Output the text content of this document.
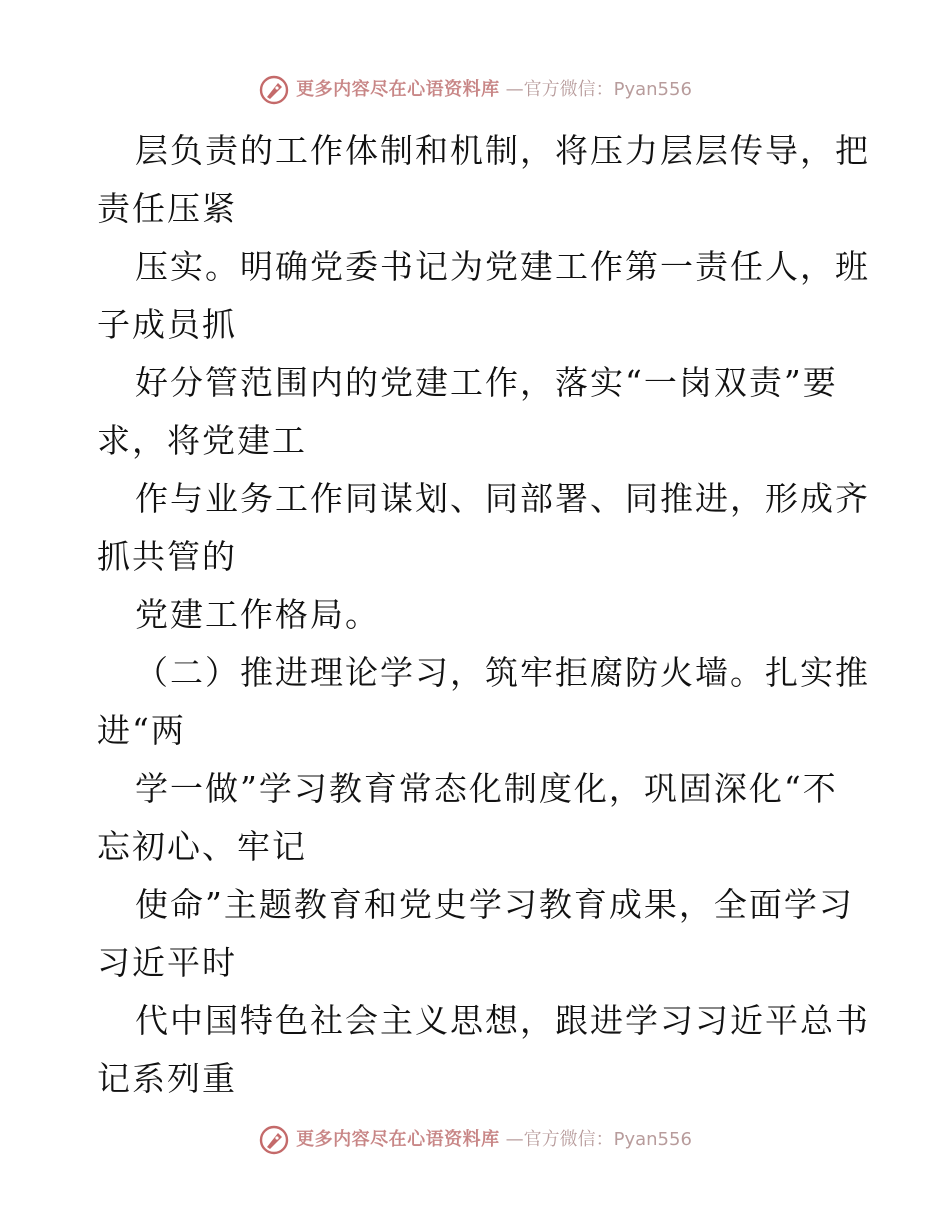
更多内容尽在心语资料库 —官方微信：Pyan556

层负责的工作体制和机制，将压力层层传导，把

责任压紧

压实。明确党委书记为党建工作第一责任人，班

子成员抓

好分管范围内的党建工作，落实“一岗双责”要

求，将党建工

作与业务工作同谋划、同部署、同推进，形成齐

抓共管的

党建工作格局。

（二）推进理论学习，筑牢拒腐防火墙。扎实推

进“两

学一做”学习教育常态化制度化，巩固深化“不

忘初心、牢记

使命”主题教育和党史学习教育成果，全面学习

习近平时

代中国特色社会主义思想，跟进学习习近平总书

记系列重

更多内容尽在心语资料库 —官方微信：Pyan556
